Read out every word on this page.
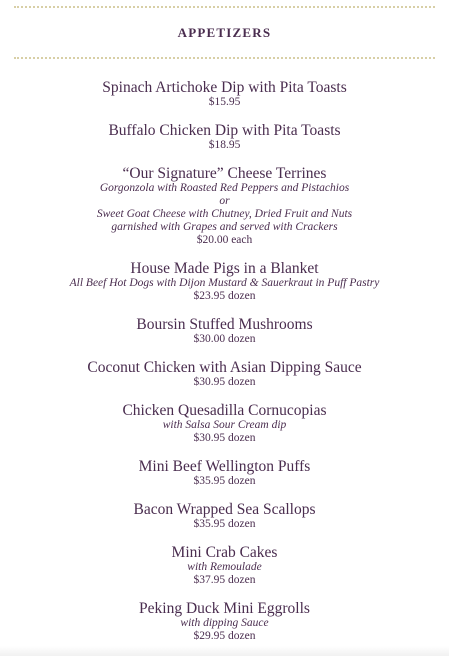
APPETIZERS
Spinach Artichoke Dip with Pita Toasts
$15.95
Buffalo Chicken Dip with Pita Toasts
$18.95
“Our Signature” Cheese Terrines
Gorgonzola with Roasted Red Peppers and Pistachios
or
Sweet Goat Cheese with Chutney, Dried Fruit and Nuts
garnished with Grapes and served with Crackers
$20.00 each
House Made Pigs in a Blanket
All Beef Hot Dogs with Dijon Mustard & Sauerkraut in Puff Pastry
$23.95 dozen
Boursin Stuffed Mushrooms
$30.00 dozen
Coconut Chicken with Asian Dipping Sauce
$30.95 dozen
Chicken Quesadilla Cornucopias
with Salsa Sour Cream dip
$30.95 dozen
Mini Beef Wellington Puffs
$35.95 dozen
Bacon Wrapped Sea Scallops
$35.95 dozen
Mini Crab Cakes
with Remoulade
$37.95 dozen
Peking Duck Mini Eggrolls
with dipping Sauce
$29.95 dozen
